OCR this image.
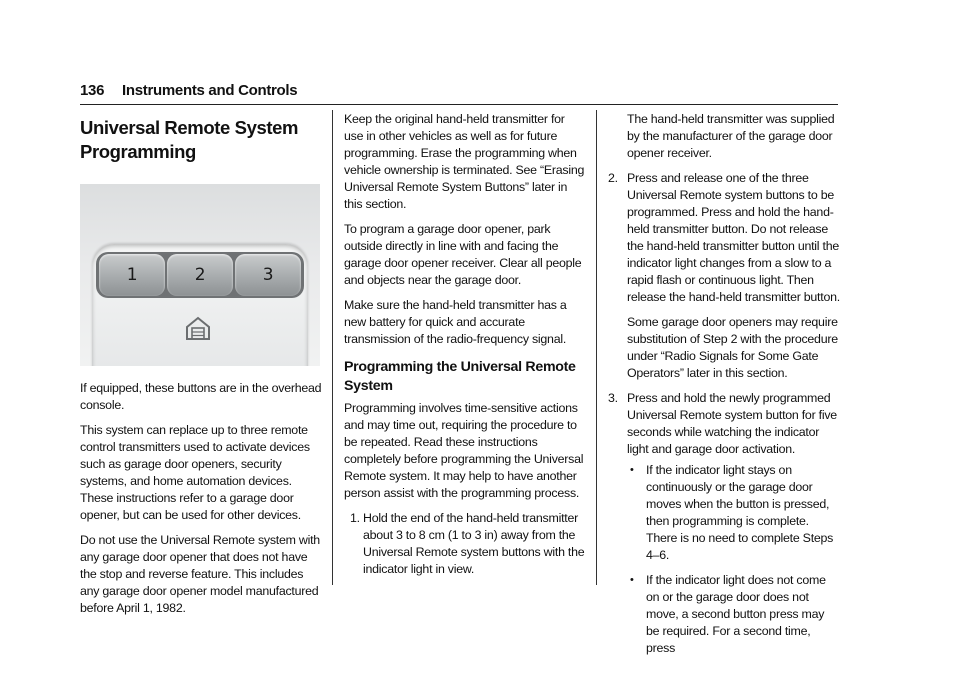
136 Instruments and Controls
Universal Remote System Programming
1	2	3

If equipped, these buttons are in the overhead console.

This system can replace up to three remote control transmitters used to activate devices such as garage door openers, security systems, and home automation devices. These instructions refer to a garage door opener, but can be used for other devices.

Do not use the Universal Remote system with any garage door opener that does not have the stop and reverse feature. This includes any garage door opener model manufactured before April 1, 1982.

Keep the original hand-held transmitter for use in other vehicles as well as for future programming. Erase the programming when vehicle ownership is terminated. See “Erasing Universal Remote System Buttons” later in this section.

To program a garage door opener, park outside directly in line with and facing the garage door opener receiver. Clear all people and objects near the garage door.

Make sure the hand-held transmitter has a new battery for quick and accurate transmission of the radio-frequency signal.

Programming the Universal Remote System

Programming involves time-sensitive actions and may time out, requiring the procedure to be repeated. Read these instructions completely before programming the Universal Remote system. It may help to have another person assist with the programming process.

1. Hold the end of the hand-held transmitter about 3 to 8 cm (1 to 3 in) away from the Universal Remote system buttons with the indicator light in view.
The hand-held transmitter was supplied by the manufacturer of the garage door opener receiver.
2. Press and release one of the three Universal Remote system buttons to be programmed. Press and hold the hand-held transmitter button. Do not release the hand-held transmitter button until the indicator light changes from a slow to a rapid flash or continuous light. Then release the hand-held transmitter button.
Some garage door openers may require substitution of Step 2 with the procedure under “Radio Signals for Some Gate Operators” later in this section.
3. Press and hold the newly programmed Universal Remote system button for five seconds while watching the indicator light and garage door activation.
• If the indicator light stays on continuously or the garage door moves when the button is pressed, then programming is complete. There is no need to complete Steps 4–6.
• If the indicator light does not come on or the garage door does not move, a second button press may be required. For a second time, press
